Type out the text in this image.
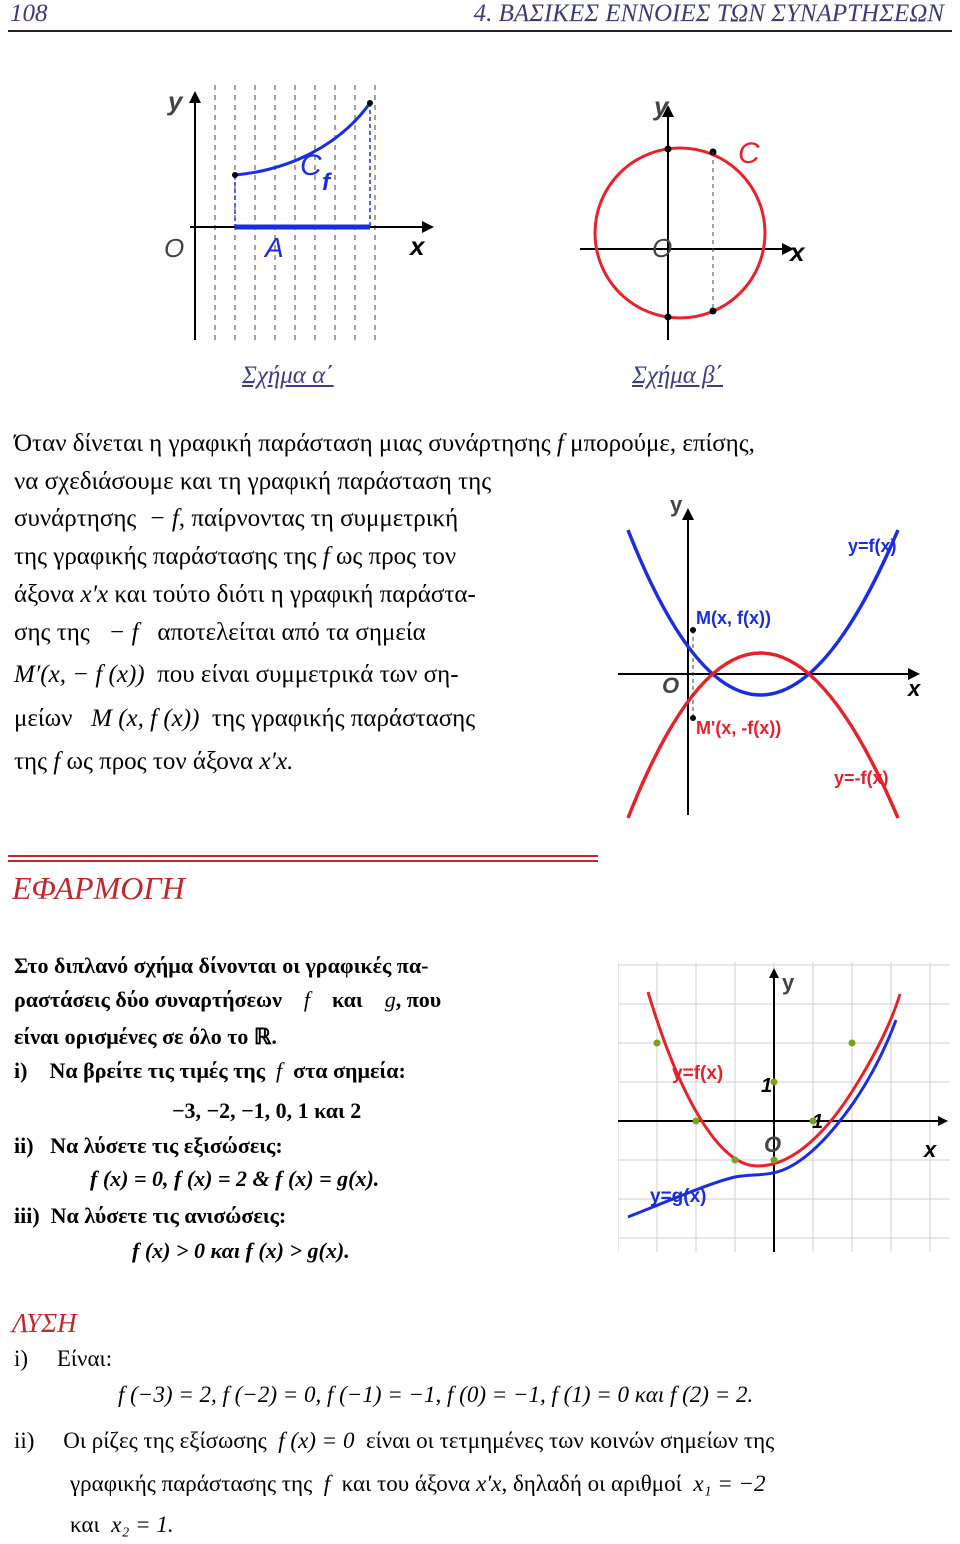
108	4. ΒΑΣΙΚΕΣ ΕΝΝΟΙΕΣ ΤΩΝ ΣΥΝΑΡΤΗΣΕΩΝ
y
x
O	A
C
f
Σχήμα α΄
y
x
O
C
Σχήμα β΄
Όταν δίνεται η γραφική παράσταση μιας συνάρτησης f μπορούμε, επίσης,
να σχεδιάσουμε και τη γραφική παράσταση της
συνάρτησης − f, παίρνοντας τη συμμετρική
της γραφικής παράστασης της f ως προς τον
άξονα x′x και τούτο διότι η γραφική παράστα-
σης της − f αποτελείται από τα σημεία
M′(x, − f (x)) που είναι συμμετρικά των ση-
μείων M (x, f (x)) της γραφικής παράστασης
της f ως προς τον άξονα x′x.
y
x
O
y=f(x)
y=-f(x)
M(x, f(x))
M'(x, -f(x))
ΕΦΑΡΜΟΓΗ
Στο διπλανό σχήμα δίνονται οι γραφικές πα-
ραστάσεις δύο συναρτήσεων f και g, που
είναι ορισμένες σε όλο το ℝ.
i) Να βρείτε τις τιμές της f στα σημεία:
−3, −2, −1, 0, 1 και 2
ii) Να λύσετε τις εξισώσεις:
f (x) = 0, f (x) = 2 & f (x) = g(x).
iii) Να λύσετε τις ανισώσεις:
f (x) > 0 και f (x) > g(x).
y
x
O
1
1
y=f(x)
y=g(x)
ΛΥΣΗ
i) Είναι:
f (−3) = 2, f (−2) = 0, f (−1) = −1, f (0) = −1, f (1) = 0 και f (2) = 2.
ii) Οι ρίζες της εξίσωσης f (x) = 0 είναι οι τετμημένες των κοινών σημείων της
γραφικής παράστασης της f και του άξονα x′x, δηλαδή οι αριθμοί x₁ = −2
και x₂ = 1.
